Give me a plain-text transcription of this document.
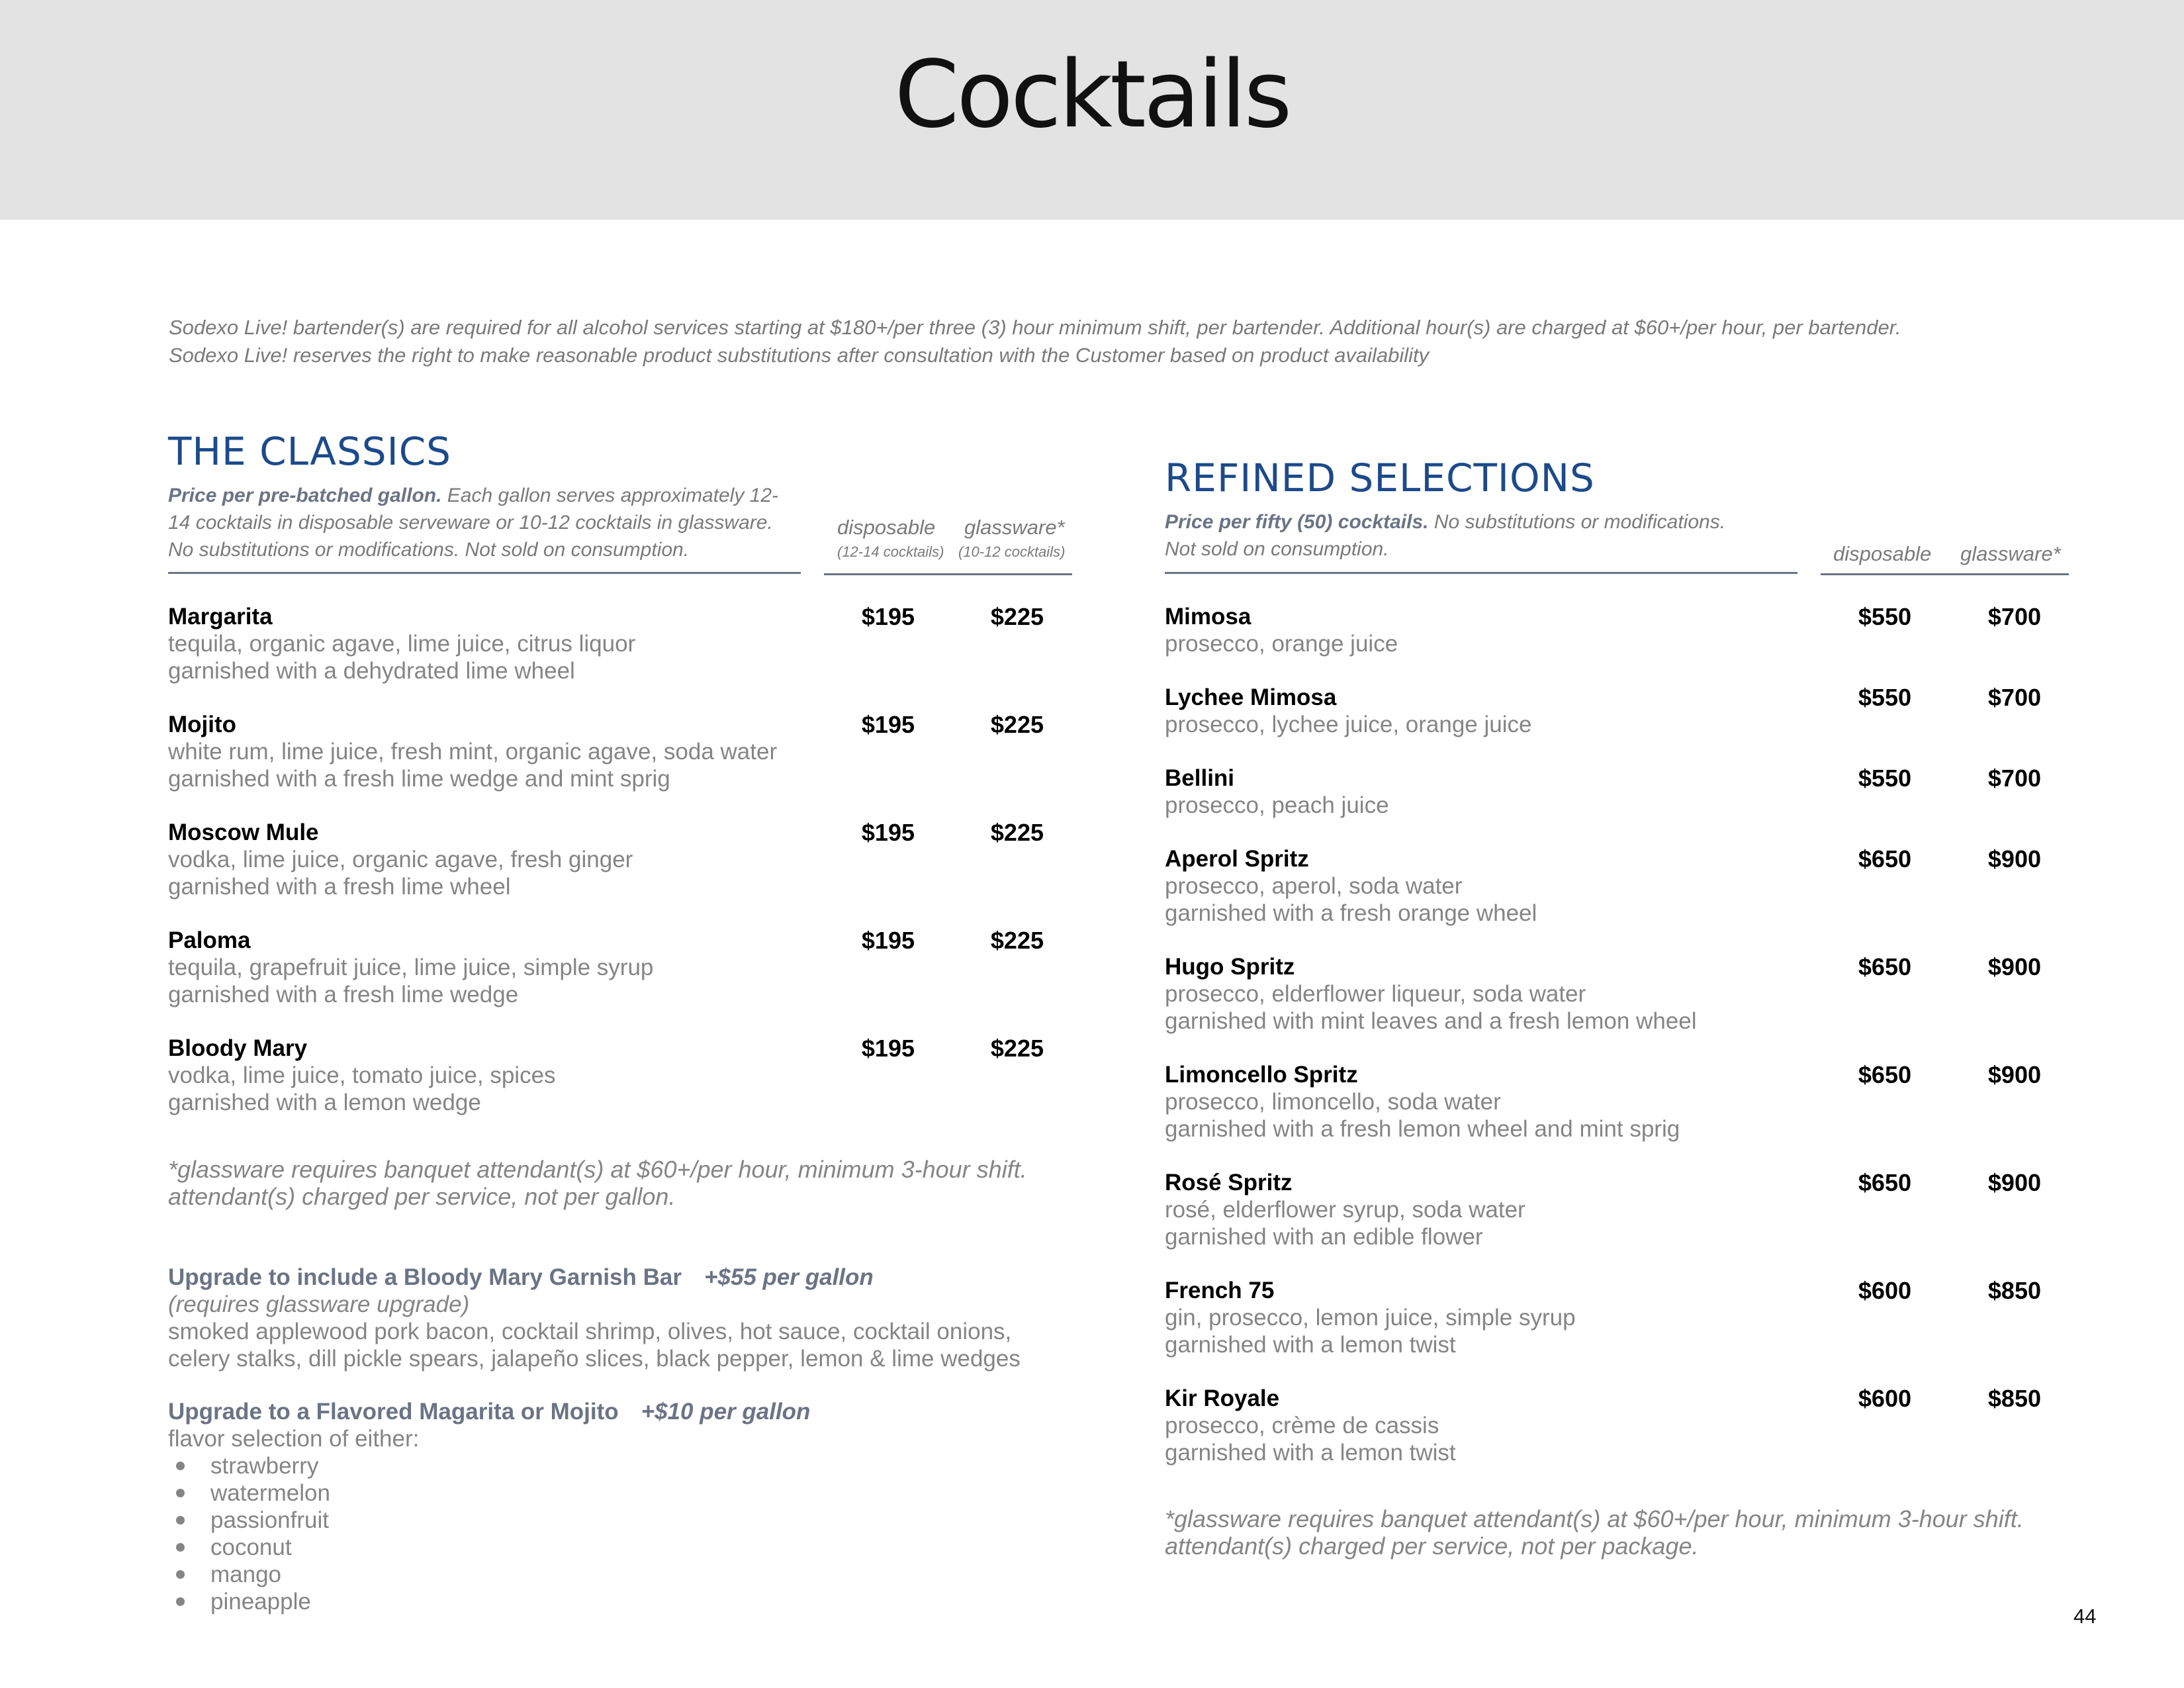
Cocktails
Sodexo Live! bartender(s) are required for all alcohol services starting at $180+/per three (3) hour minimum shift, per bartender. Additional hour(s) are charged at $60+/per hour, per bartender.
Sodexo Live! reserves the right to make reasonable product substitutions after consultation with the Customer based on product availability
THE CLASSICS
Price per pre-batched gallon. Each gallon serves approximately 12-
14 cocktails in disposable serveware or 10-12 cocktails in glassware.
No substitutions or modifications. Not sold on consumption.
disposable glassware*
(12-14 cocktails) (10-12 cocktails)
Margarita
tequila, organic agave, lime juice, citrus liquor
garnished with a dehydrated lime wheel
$195	$225
Mojito
white rum, lime juice, fresh mint, organic agave, soda water
garnished with a fresh lime wedge and mint sprig
$195	$225
Moscow Mule
vodka, lime juice, organic agave, fresh ginger
garnished with a fresh lime wheel
$195	$225
Paloma
tequila, grapefruit juice, lime juice, simple syrup
garnished with a fresh lime wedge
$195	$225
Bloody Mary
vodka, lime juice, tomato juice, spices
garnished with a lemon wedge
$195	$225
*glassware requires banquet attendant(s) at $60+/per hour, minimum 3-hour shift.
attendant(s) charged per service, not per gallon.
Upgrade to include a Bloody Mary Garnish Bar +$55 per gallon
(requires glassware upgrade)
smoked applewood pork bacon, cocktail shrimp, olives, hot sauce, cocktail onions,
celery stalks, dill pickle spears, jalapeño slices, black pepper, lemon & lime wedges
Upgrade to a Flavored Magarita or Mojito +$10 per gallon
flavor selection of either:
strawberry
watermelon
passionfruit
coconut
mango
pineapple
REFINED SELECTIONS
Price per fifty (50) cocktails. No substitutions or modifications.
Not sold on consumption.	disposable glassware*
Mimosa
prosecco, orange juice
$550	$700
Lychee Mimosa
prosecco, lychee juice, orange juice
$550	$700
Bellini
prosecco, peach juice
$550	$700
Aperol Spritz
prosecco, aperol, soda water
garnished with a fresh orange wheel
$650	$900
Hugo Spritz
prosecco, elderflower liqueur, soda water
garnished with mint leaves and a fresh lemon wheel
$650	$900
Limoncello Spritz
prosecco, limoncello, soda water
garnished with a fresh lemon wheel and mint sprig
$650	$900
Rosé Spritz
rosé, elderflower syrup, soda water
garnished with an edible flower
$650	$900
French 75
gin, prosecco, lemon juice, simple syrup
garnished with a lemon twist
$600	$850
Kir Royale
prosecco, crème de cassis
garnished with a lemon twist
$600	$850
*glassware requires banquet attendant(s) at $60+/per hour, minimum 3-hour shift.
attendant(s) charged per service, not per package.
44
